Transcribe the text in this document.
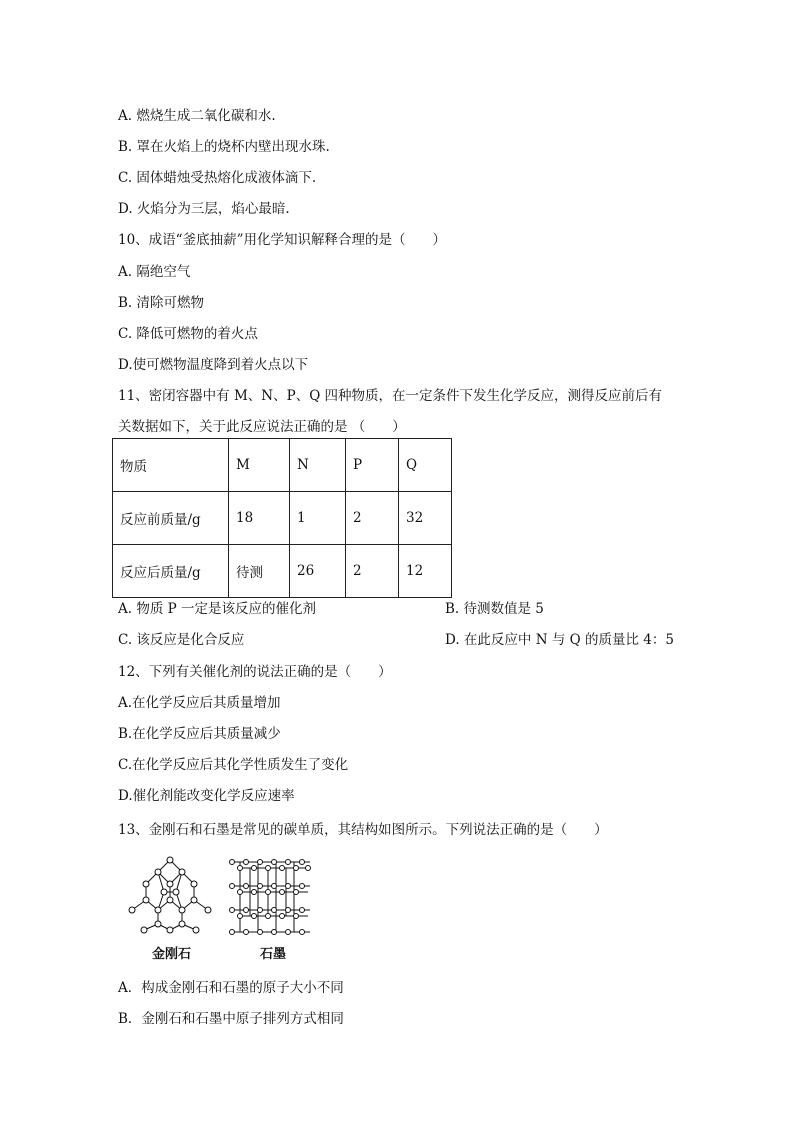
A. 燃烧生成二氧化碳和水.
B. 罩在火焰上的烧杯内壁出现水珠.
C. 固体蜡烛受热熔化成液体滴下.
D. 火焰分为三层，焰心最暗.
10、成语“釜底抽薪”用化学知识解释合理的是（　　）
A. 隔绝空气
B. 清除可燃物
C. 降低可燃物的着火点
D.使可燃物温度降到着火点以下
11、密闭容器中有 M、N、P、Q 四种物质，在一定条件下发生化学反应，测得反应前后有
关数据如下，关于此反应说法正确的是 （　　）
物质	M	N	P	Q
反应前质量/g	18	1	2	32
反应后质量/g	待测	26	2	12
A. 物质 P 一定是该反应的催化剂	B. 待测数值是 5
C. 该反应是化合反应	D. 在此反应中 N 与 Q 的质量比 4：5
12、下列有关催化剂的说法正确的是（　　）
A.在化学反应后其质量增加
B.在化学反应后其质量减少
C.在化学反应后其化学性质发生了变化
D.催化剂能改变化学反应速率
13、金刚石和石墨是常见的碳单质，其结构如图所示。下列说法正确的是（　　）
金刚石	石墨
A．构成金刚石和石墨的原子大小不同
B．金刚石和石墨中原子排列方式相同
